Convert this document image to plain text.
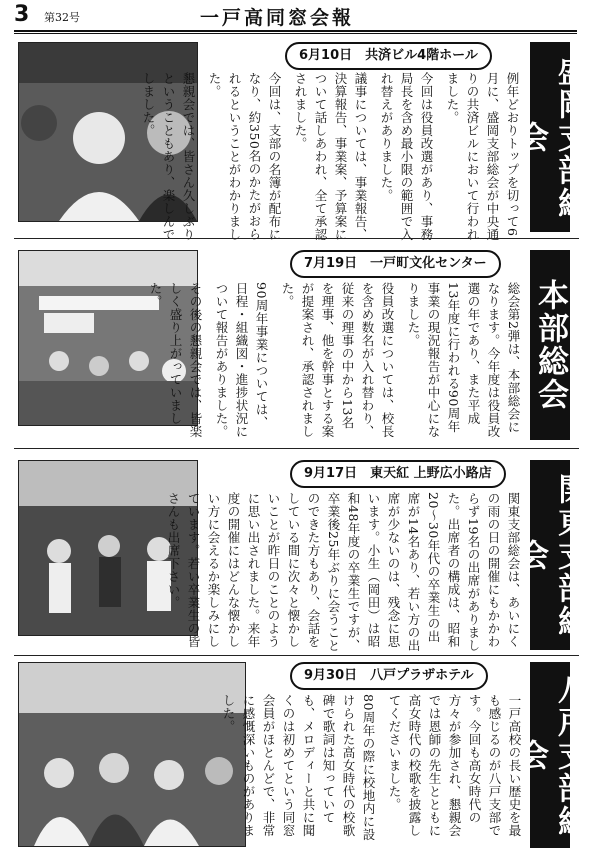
3 第32号	一戸高同窓会報
6月10日　共済ビル4階ホール

例年どおりトップを切って6月に、盛岡支部総会が中央通りの共済ビルにおいて行われました。

今回は役員改選があり、事務局長を含め最小限の範囲で入れ替えがありました。

議事については、事業報告、決算報告、事業案、予算案について話しあわれ、全て承認されました。

今回は、支部の名簿が配布になり、約350名のかたがおられるということがわかりました。

懇親会では、皆さん久しぶりということもあり、楽しんでしました。	盛岡支部総会
7月19日　一戸町文化センター

総会第2弾は、本部総会になります。今年度は役員改選の年であり、また平成13年度に行われる90周年事業の現況報告が中心になりました。

役員改選については、校長を含め数名が入れ替わり、従来の理事の中から13名を理事、他を幹事とする案が提案され、承認されました。

90周年事業については、日程・組織図・進捗状況について報告がありました。

その後の懇親会では、皆楽しく盛り上がっていました。	本部総会
9月17日　東天紅 上野広小路店

関東支部総会は、あいにくの雨の日の開催にもかかわらず19名の出席がありました。出席者の構成は、昭和20〜30年代の卒業生の出席が14名あり、若い方の出席が少ないのは、残念に思います。小生（岡田）は昭和48年度の卒業生ですが、卒業後25年ぶりに会うことのできた方もあり、会話をしている間に次々と懐かしいことが昨日のことのように思い出されました。来年度の開催にはどんな懐かしい方に会えるか楽しみにしています。若い卒業生の皆さんも出席下さい。	関東支部総会
9月30日　八戸プラザホテル

一戸高校の長い歴史を最も感じるのが八戸支部です。今回も高女時代の方々が参加され、懇親会では恩師の先生とともに高女時代の校歌を披露してくださいました。

80周年の際に校地内に設けられた高女時代の校歌碑で歌詞は知っていても、メロディーと共に聞くのは初めてという同窓会員がほとんどで、非常に感慨深いものがありました。	八戸支部総会
